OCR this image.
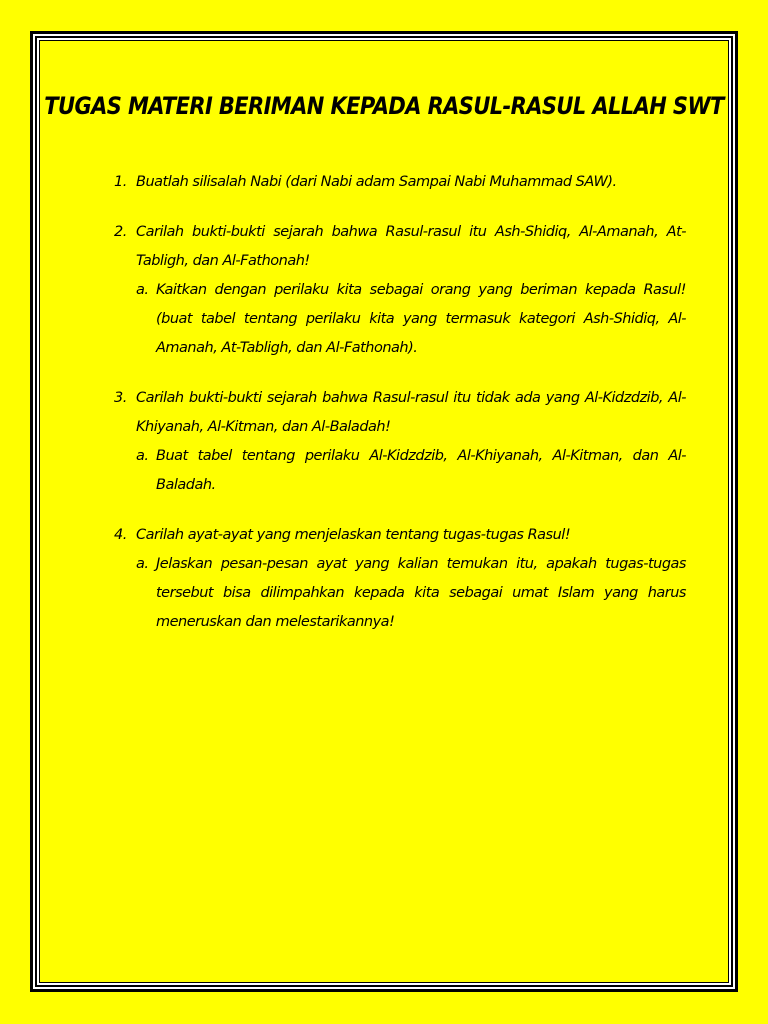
TUGAS MATERI BERIMAN KEPADA RASUL-RASUL ALLAH SWT
1. Buatlah silisalah Nabi (dari Nabi adam Sampai Nabi Muhammad SAW).
2. Carilah bukti-bukti sejarah bahwa Rasul-rasul itu Ash-Shidiq, Al-Amanah, At-Tabligh, dan Al-Fathonah!
a. Kaitkan dengan perilaku kita sebagai orang yang beriman kepada Rasul! (buat tabel tentang perilaku kita yang termasuk kategori Ash-Shidiq, Al-Amanah, At-Tabligh, dan Al-Fathonah).
3. Carilah bukti-bukti sejarah bahwa Rasul-rasul itu tidak ada yang Al-Kidzdzib, Al-Khiyanah, Al-Kitman, dan Al-Baladah!
a. Buat tabel tentang perilaku Al-Kidzdzib, Al-Khiyanah, Al-Kitman, dan Al-Baladah.
4. Carilah ayat-ayat yang menjelaskan tentang tugas-tugas Rasul!
a. Jelaskan pesan-pesan ayat yang kalian temukan itu, apakah tugas-tugas tersebut bisa dilimpahkan kepada kita sebagai umat Islam yang harus meneruskan dan melestarikannya!
